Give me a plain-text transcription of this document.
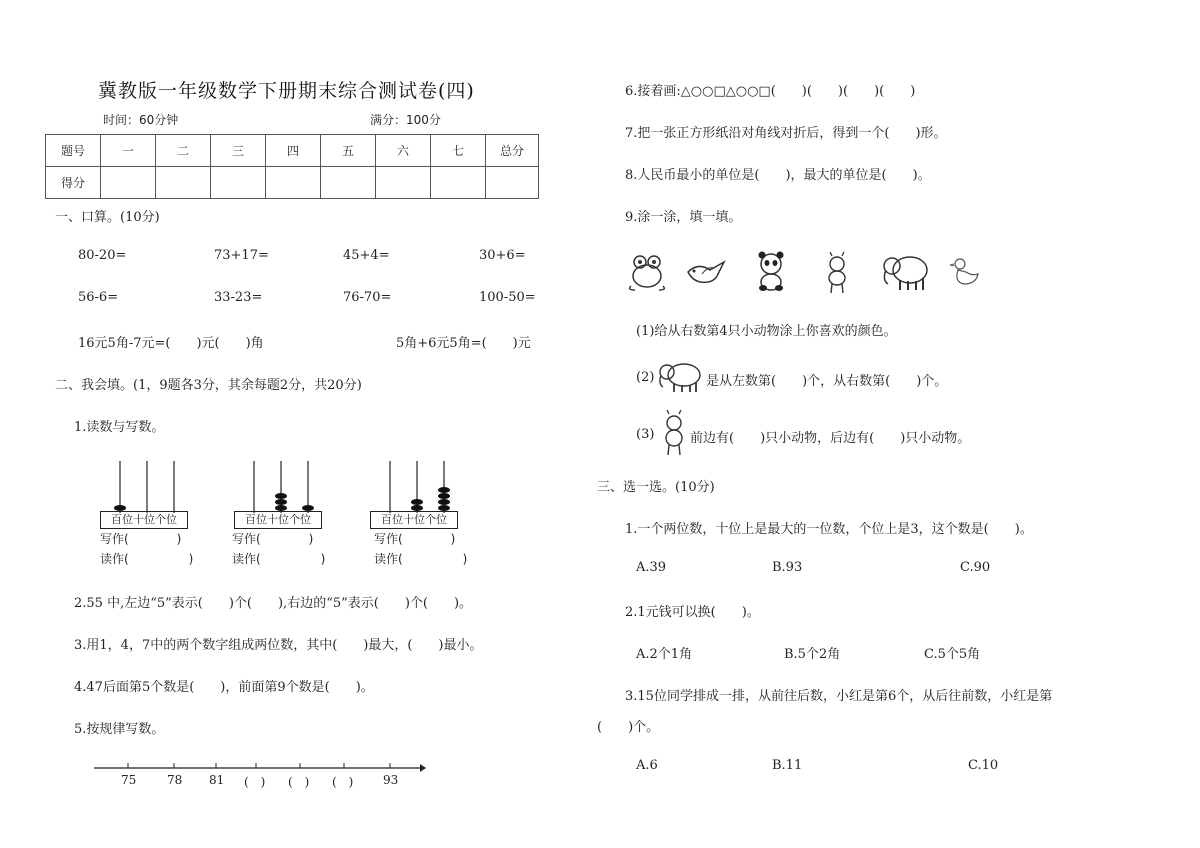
冀教版一年级数学下册期末综合测试卷(四)
时间：60分钟	满分：100分
题号	一	二	三	四	五	六	七	总分
得分								
一、口算。(10分)
80-20=	73+17=	45+4=	30+6=
56-6=	33-23=	76-70=	100-50=
16元5角-7元=(　　)元(　　)角	5角+6元5角=(　　)元
二、我会填。(1，9题各3分，其余每题2分，共20分)
1.读数与写数。
百位十位个位
写作(　　　　)
读作(　　　　　)
百位十位个位
写作(　　　　)
读作(　　　　　)
百位十位个位
写作(　　　　)
读作(　　　　　)
2.55 中,左边“5”表示(　　)个(　　),右边的“5”表示(　　)个(　　)。
3.用1，4，7中的两个数字组成两位数，其中(　　)最大，(　　)最小。
4.47后面第5个数是(　　)，前面第9个数是(　　)。
5.按规律写数。
75	78 81 (　) (　) (　) 93
6.接着画:△○○□△○○□(　　)(　　)(　　)(　　)
7.把一张正方形纸沿对角线对折后，得到一个(　　)形。
8.人民币最小的单位是(　　)，最大的单位是(　　)。
9.涂一涂，填一填。
(1)给从右数第4只小动物涂上你喜欢的颜色。
(2)	是从左数第(　　)个，从右数第(　　)个。
(3)	前边有(　　)只小动物，后边有(　　)只小动物。
三、选一选。(10分)
1.一个两位数，十位上是最大的一位数，个位上是3，这个数是(　　)。
A.39	B.93	C.90
2.1元钱可以换(　　)。
A.2个1角	B.5个2角	C.5个5角
3.15位同学排成一排，从前往后数，小红是第6个，从后往前数，小红是第
(　　)个。
A.6	B.11	C.10
